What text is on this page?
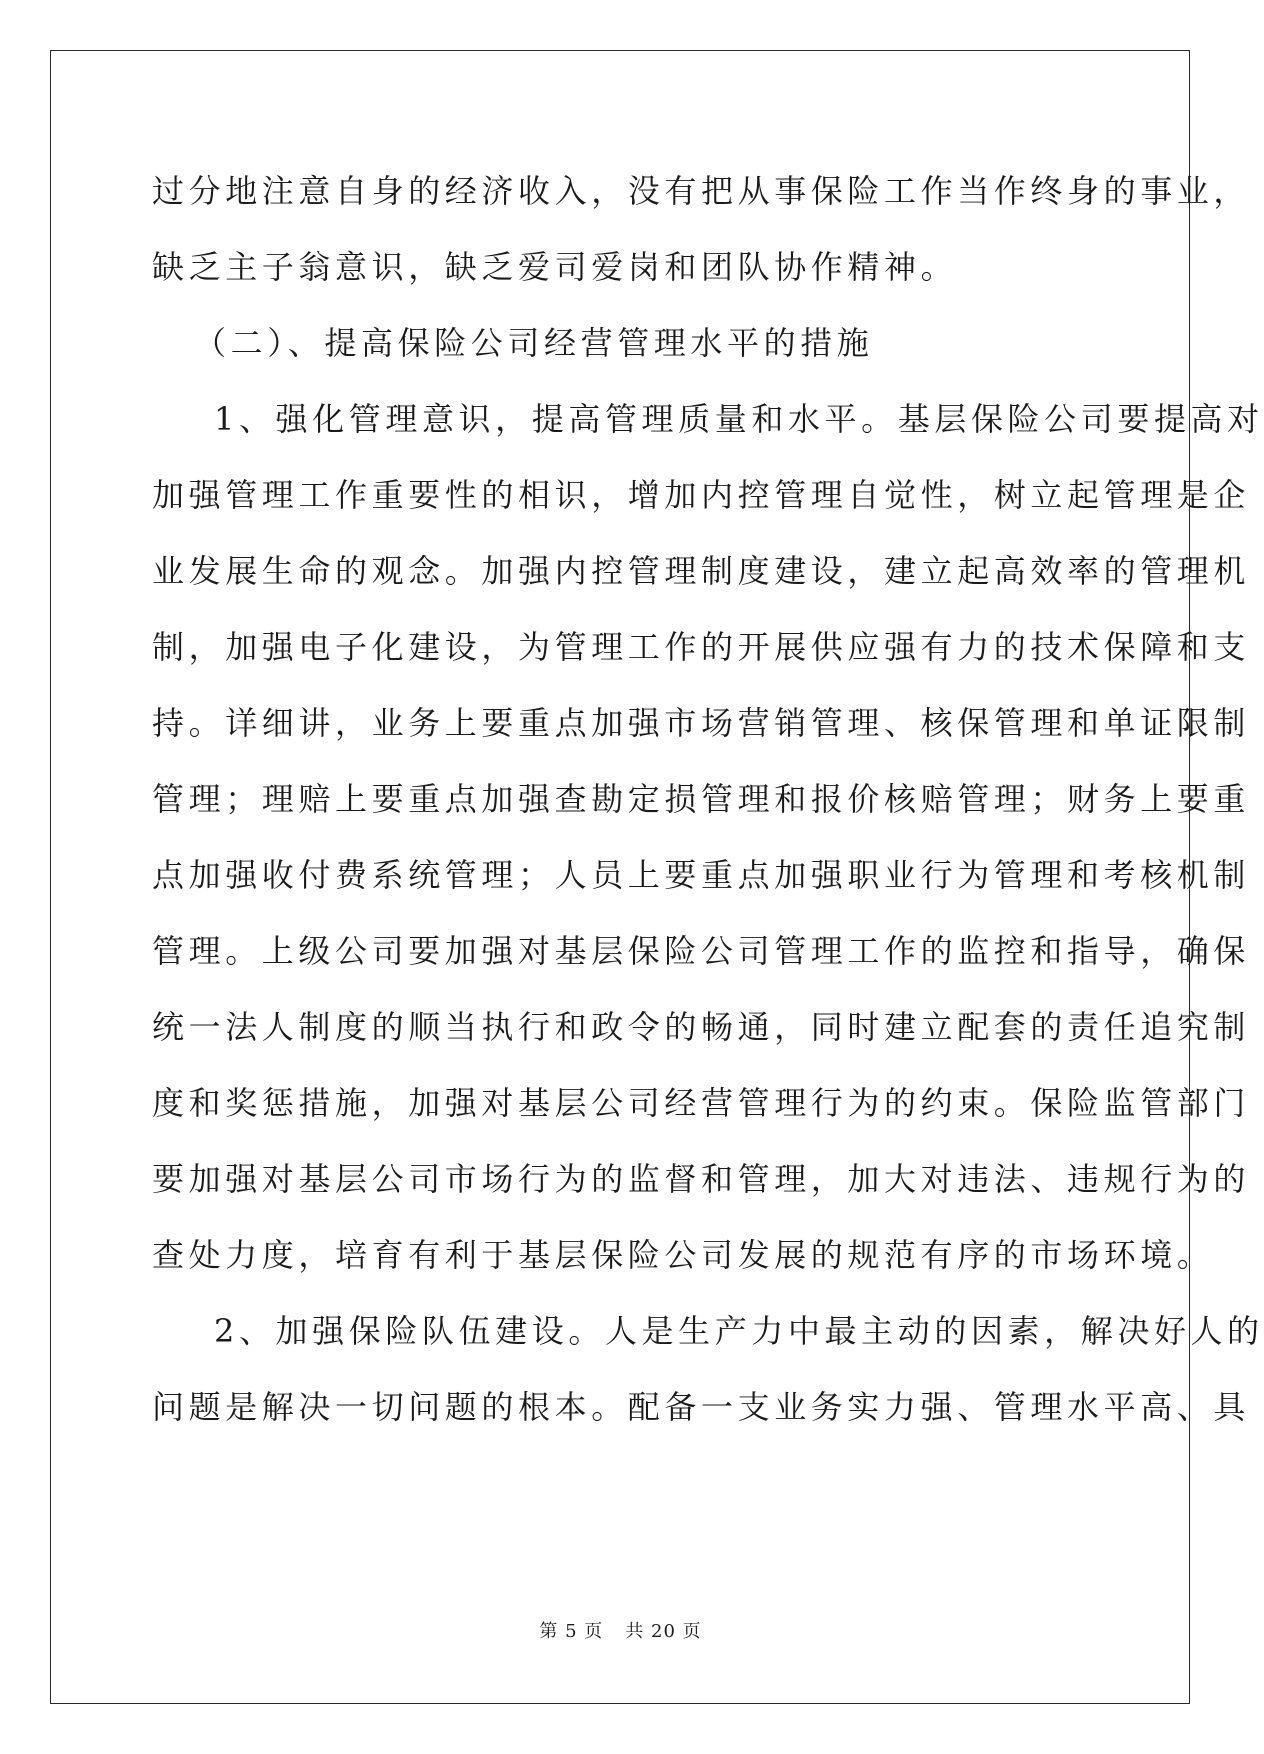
过分地注意自身的经济收入，没有把从事保险工作当作终身的事业，
缺乏主子翁意识，缺乏爱司爱岗和团队协作精神。
（二）、提高保险公司经营管理水平的措施
1、强化管理意识，提高管理质量和水平。基层保险公司要提高对
加强管理工作重要性的相识，增加内控管理自觉性，树立起管理是企
业发展生命的观念。加强内控管理制度建设，建立起高效率的管理机
制，加强电子化建设，为管理工作的开展供应强有力的技术保障和支
持。详细讲，业务上要重点加强市场营销管理、核保管理和单证限制
管理；理赔上要重点加强查勘定损管理和报价核赔管理；财务上要重
点加强收付费系统管理；人员上要重点加强职业行为管理和考核机制
管理。上级公司要加强对基层保险公司管理工作的监控和指导，确保
统一法人制度的顺当执行和政令的畅通，同时建立配套的责任追究制
度和奖惩措施，加强对基层公司经营管理行为的约束。保险监管部门
要加强对基层公司市场行为的监督和管理，加大对违法、违规行为的
查处力度，培育有利于基层保险公司发展的规范有序的市场环境。
2、加强保险队伍建设。人是生产力中最主动的因素，解决好人的
问题是解决一切问题的根本。配备一支业务实力强、管理水平高、具
第 5 页 共 20 页
